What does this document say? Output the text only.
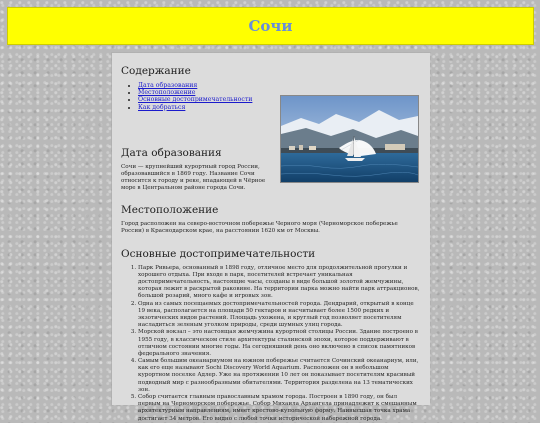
Сочи
Содержание
• Дата образования
• Местоположение
• Основные достопримечательности
• Как добраться
Дата образования

Сочи — крупнейший курортный город России, образовавшийся в 1869 году. Название Сочи относится к городу и реке, впадающей в Чёрное море в Центральном районе города Сочи.

Местоположение

Город расположен на северо-восточном побережье Черного моря (Черноморское побережье России) в Краснодарском крае, на расстоянии 1620 км от Москвы.

Основные достопримечательности
1. Парк Ривьера, основанный в 1898 году, отличное место для продолжительной прогулки и хорошего отдыха. При входе в парк, посетителей встречает уникальная достопримечательность, настоящие часы, созданы в виде большой золотой жемчужины, которая лежит в раскрытой раковине. На территории парка можно найти парк аттракционов, большой розарий, много кафе и игровых зон.
2. Одна из самых посещаемых достопримечательностей города. Дендрарий, открытый в конце 19 века, располагается на площади 50 гектаров и насчитывает более 1500 редких и экзотических видов растений. Площадь ухожена, и круглый год позволяет посетителям насладиться зеленым уголком природы, среди шумных улиц города.
3. Морской вокзал – это настоящая жемчужина курортной столицы России. Здание построено в 1955 году, в классическом стиле архитектуры сталинской эпохи, которое поддерживают в отличном состоянии многие годы. На сегодняшний день оно включено в список памятников федерального значения.
4. Самым большим океанариумом на южном побережье считается Сочинский океанариум, или, как его еще называют Sochi Discovery World Aquarium. Расположен он в небольшом курортном поселке Адлер. Уже на протяжении 10 лет он показывает посетителям красивый подводный мир с разнообразными обитателями. Территория разделена на 13 тематических зон.
5. Собор считается главным православным храмом города. Построен в 1890 году, он был первым на Черноморском побережье. Собор Михаила Архангела принадлежит к смешанным архитектурным направлениям, имеет крестово-купольную форму. Наивысшая точка храма достигает 34 метров. Его видно с любой точки исторической набережной города.
